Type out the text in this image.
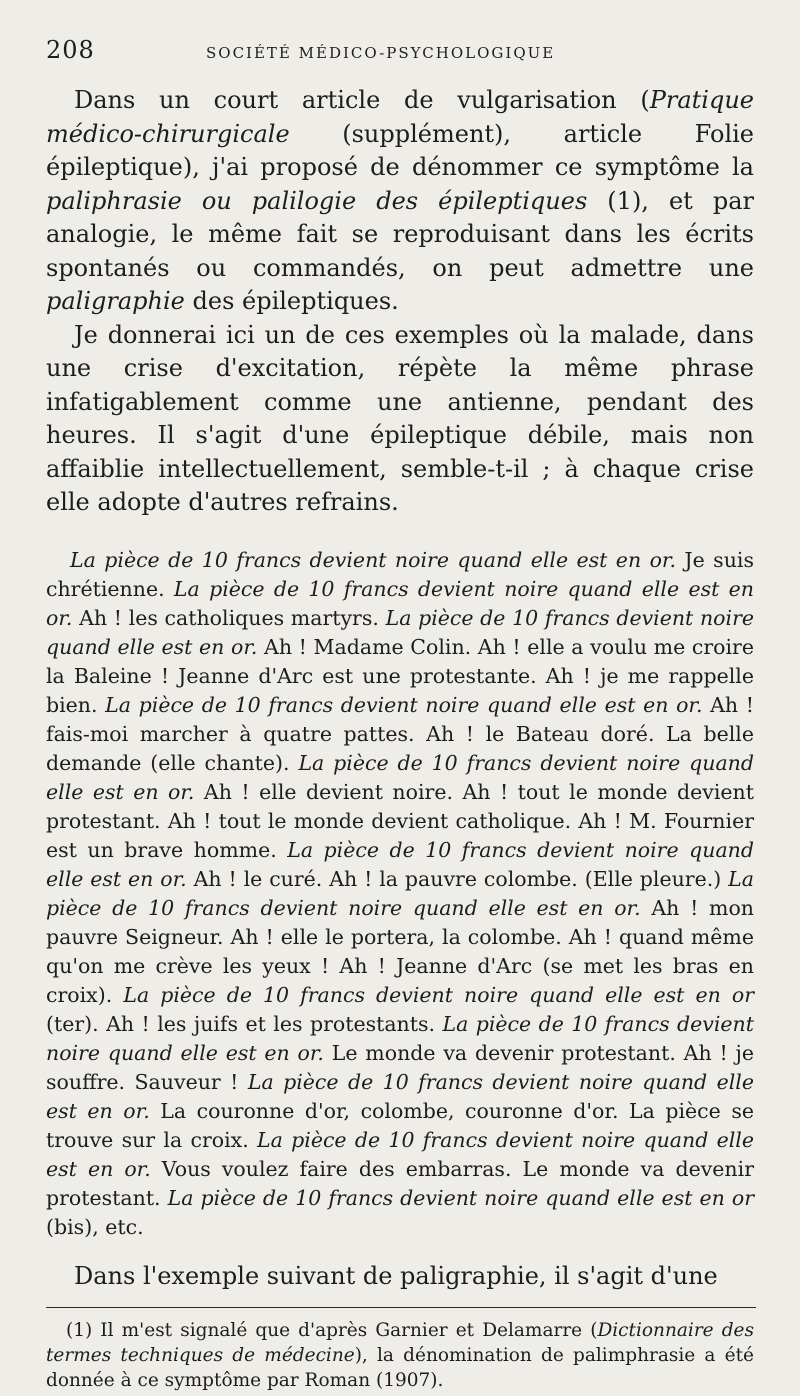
208	SOCIÉTÉ MÉDICO-PSYCHOLOGIQUE

Dans un court article de vulgarisation (Pratique médico-chirurgicale (supplément), article Folie épileptique), j'ai proposé de dénommer ce symptôme la paliphrasie ou palilogie des épileptiques (1), et par analogie, le même fait se reproduisant dans les écrits spontanés ou commandés, on peut admettre une paligraphie des épileptiques.

Je donnerai ici un de ces exemples où la malade, dans une crise d'excitation, répète la même phrase infatigablement comme une antienne, pendant des heures. Il s'agit d'une épileptique débile, mais non affaiblie intellectuellement, semble-t-il ; à chaque crise elle adopte d'autres refrains.

La pièce de 10 francs devient noire quand elle est en or. Je suis chrétienne. La pièce de 10 francs devient noire quand elle est en or. Ah ! les catholiques martyrs. La pièce de 10 francs devient noire quand elle est en or. Ah ! Madame Colin. Ah ! elle a voulu me croire la Baleine ! Jeanne d'Arc est une protestante. Ah ! je me rappelle bien. La pièce de 10 francs devient noire quand elle est en or. Ah ! fais-moi marcher à quatre pattes. Ah ! le Bateau doré. La belle demande (elle chante). La pièce de 10 francs devient noire quand elle est en or. Ah ! elle devient noire. Ah ! tout le monde devient protestant. Ah ! tout le monde devient catholique. Ah ! M. Fournier est un brave homme. La pièce de 10 francs devient noire quand elle est en or. Ah ! le curé. Ah ! la pauvre colombe. (Elle pleure.) La pièce de 10 francs devient noire quand elle est en or. Ah ! mon pauvre Seigneur. Ah ! elle le portera, la colombe. Ah ! quand même qu'on me crève les yeux ! Ah ! Jeanne d'Arc (se met les bras en croix). La pièce de 10 francs devient noire quand elle est en or (ter). Ah ! les juifs et les protestants. La pièce de 10 francs devient noire quand elle est en or. Le monde va devenir protestant. Ah ! je souffre. Sauveur ! La pièce de 10 francs devient noire quand elle est en or. La couronne d'or, colombe, couronne d'or. La pièce se trouve sur la croix. La pièce de 10 francs devient noire quand elle est en or. Vous voulez faire des embarras. Le monde va devenir protestant. La pièce de 10 francs devient noire quand elle est en or (bis), etc.

Dans l'exemple suivant de paligraphie, il s'agit d'une

(1) Il m'est signalé que d'après Garnier et Delamarre (Dictionnaire des termes techniques de médecine), la dénomination de palimphrasie a été donnée à ce symptôme par Roman (1907).
